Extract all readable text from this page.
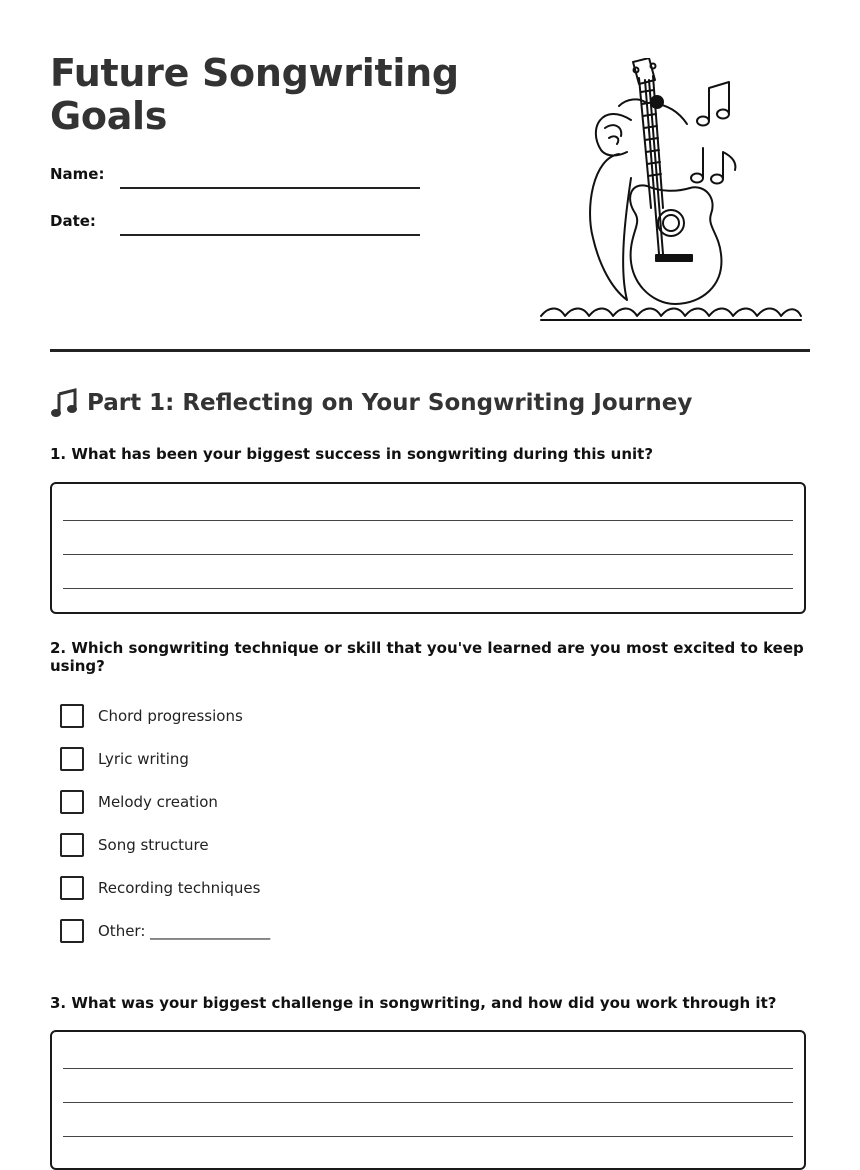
Future Songwriting Goals
Name:
Date:
Part 1: Reflecting on Your Songwriting Journey

1. What has been your biggest success in songwriting during this unit?

2. Which songwriting technique or skill that you've learned are you most excited to keep using?

Chord progressions
Lyric writing
Melody creation
Song structure
Recording techniques
Other: ________________

3. What was your biggest challenge in songwriting, and how did you work through it?
